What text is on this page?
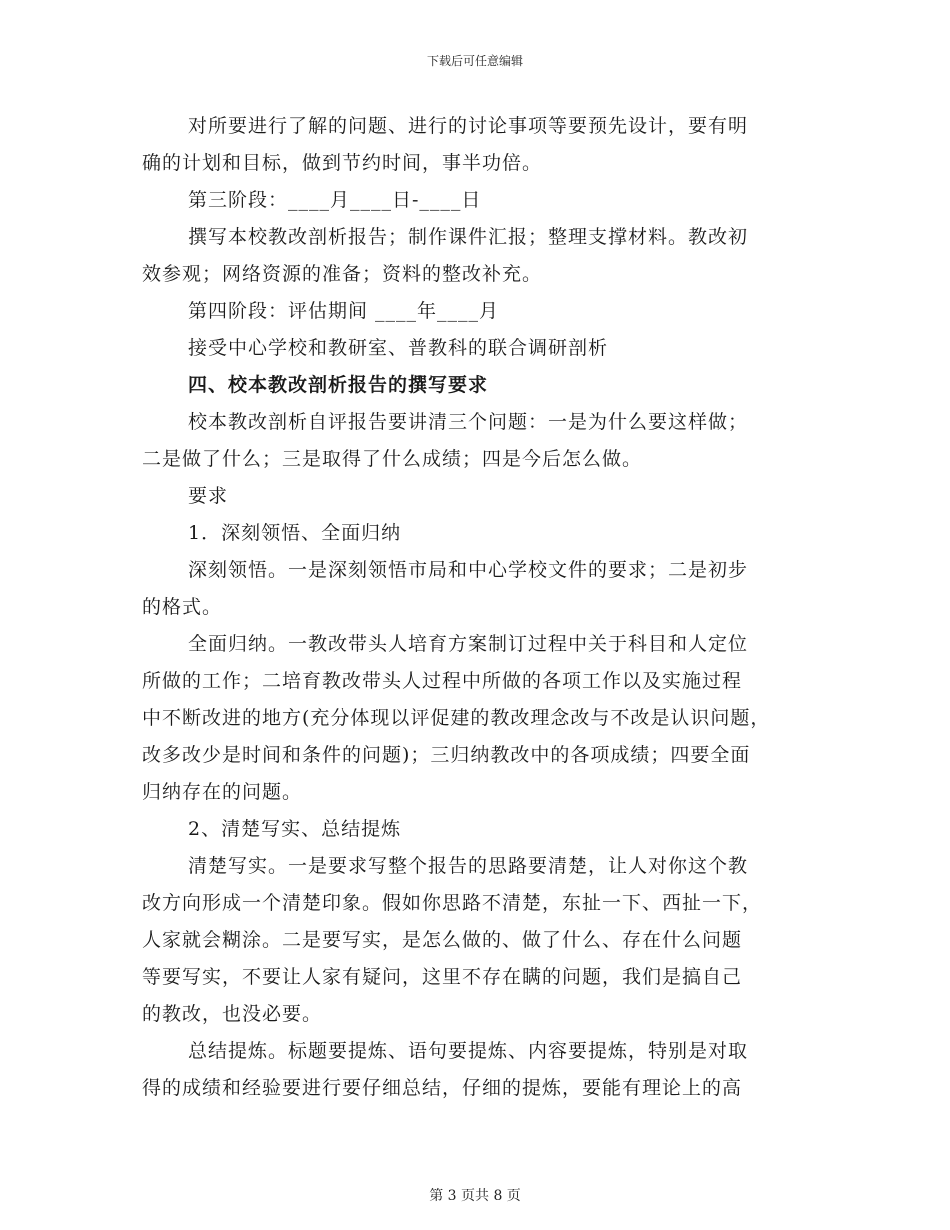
下载后可任意编辑
对所要进行了解的问题、进行的讨论事项等要预先设计，要有明
确的计划和目标，做到节约时间，事半功倍。
第三阶段：____月____日-____日
撰写本校教改剖析报告；制作课件汇报；整理支撑材料。教改初
效参观；网络资源的准备；资料的整改补充。
第四阶段：评估期间 ____年____月
接受中心学校和教研室、普教科的联合调研剖析
四、校本教改剖析报告的撰写要求
校本教改剖析自评报告要讲清三个问题：一是为什么要这样做；
二是做了什么；三是取得了什么成绩；四是今后怎么做。
要求
1．深刻领悟、全面归纳
深刻领悟。一是深刻领悟市局和中心学校文件的要求；二是初步
的格式。
全面归纳。一教改带头人培育方案制订过程中关于科目和人定位
所做的工作；二培育教改带头人过程中所做的各项工作以及实施过程
中不断改进的地方(充分体现以评促建的教改理念改与不改是认识问题，
改多改少是时间和条件的问题)；三归纳教改中的各项成绩；四要全面
归纳存在的问题。
2、清楚写实、总结提炼
清楚写实。一是要求写整个报告的思路要清楚，让人对你这个教
改方向形成一个清楚印象。假如你思路不清楚，东扯一下、西扯一下，
人家就会糊涂。二是要写实，是怎么做的、做了什么、存在什么问题
等要写实，不要让人家有疑问，这里不存在瞒的问题，我们是搞自己
的教改，也没必要。
总结提炼。标题要提炼、语句要提炼、内容要提炼，特别是对取
得的成绩和经验要进行要仔细总结，仔细的提炼，要能有理论上的高
第 3 页共 8 页
